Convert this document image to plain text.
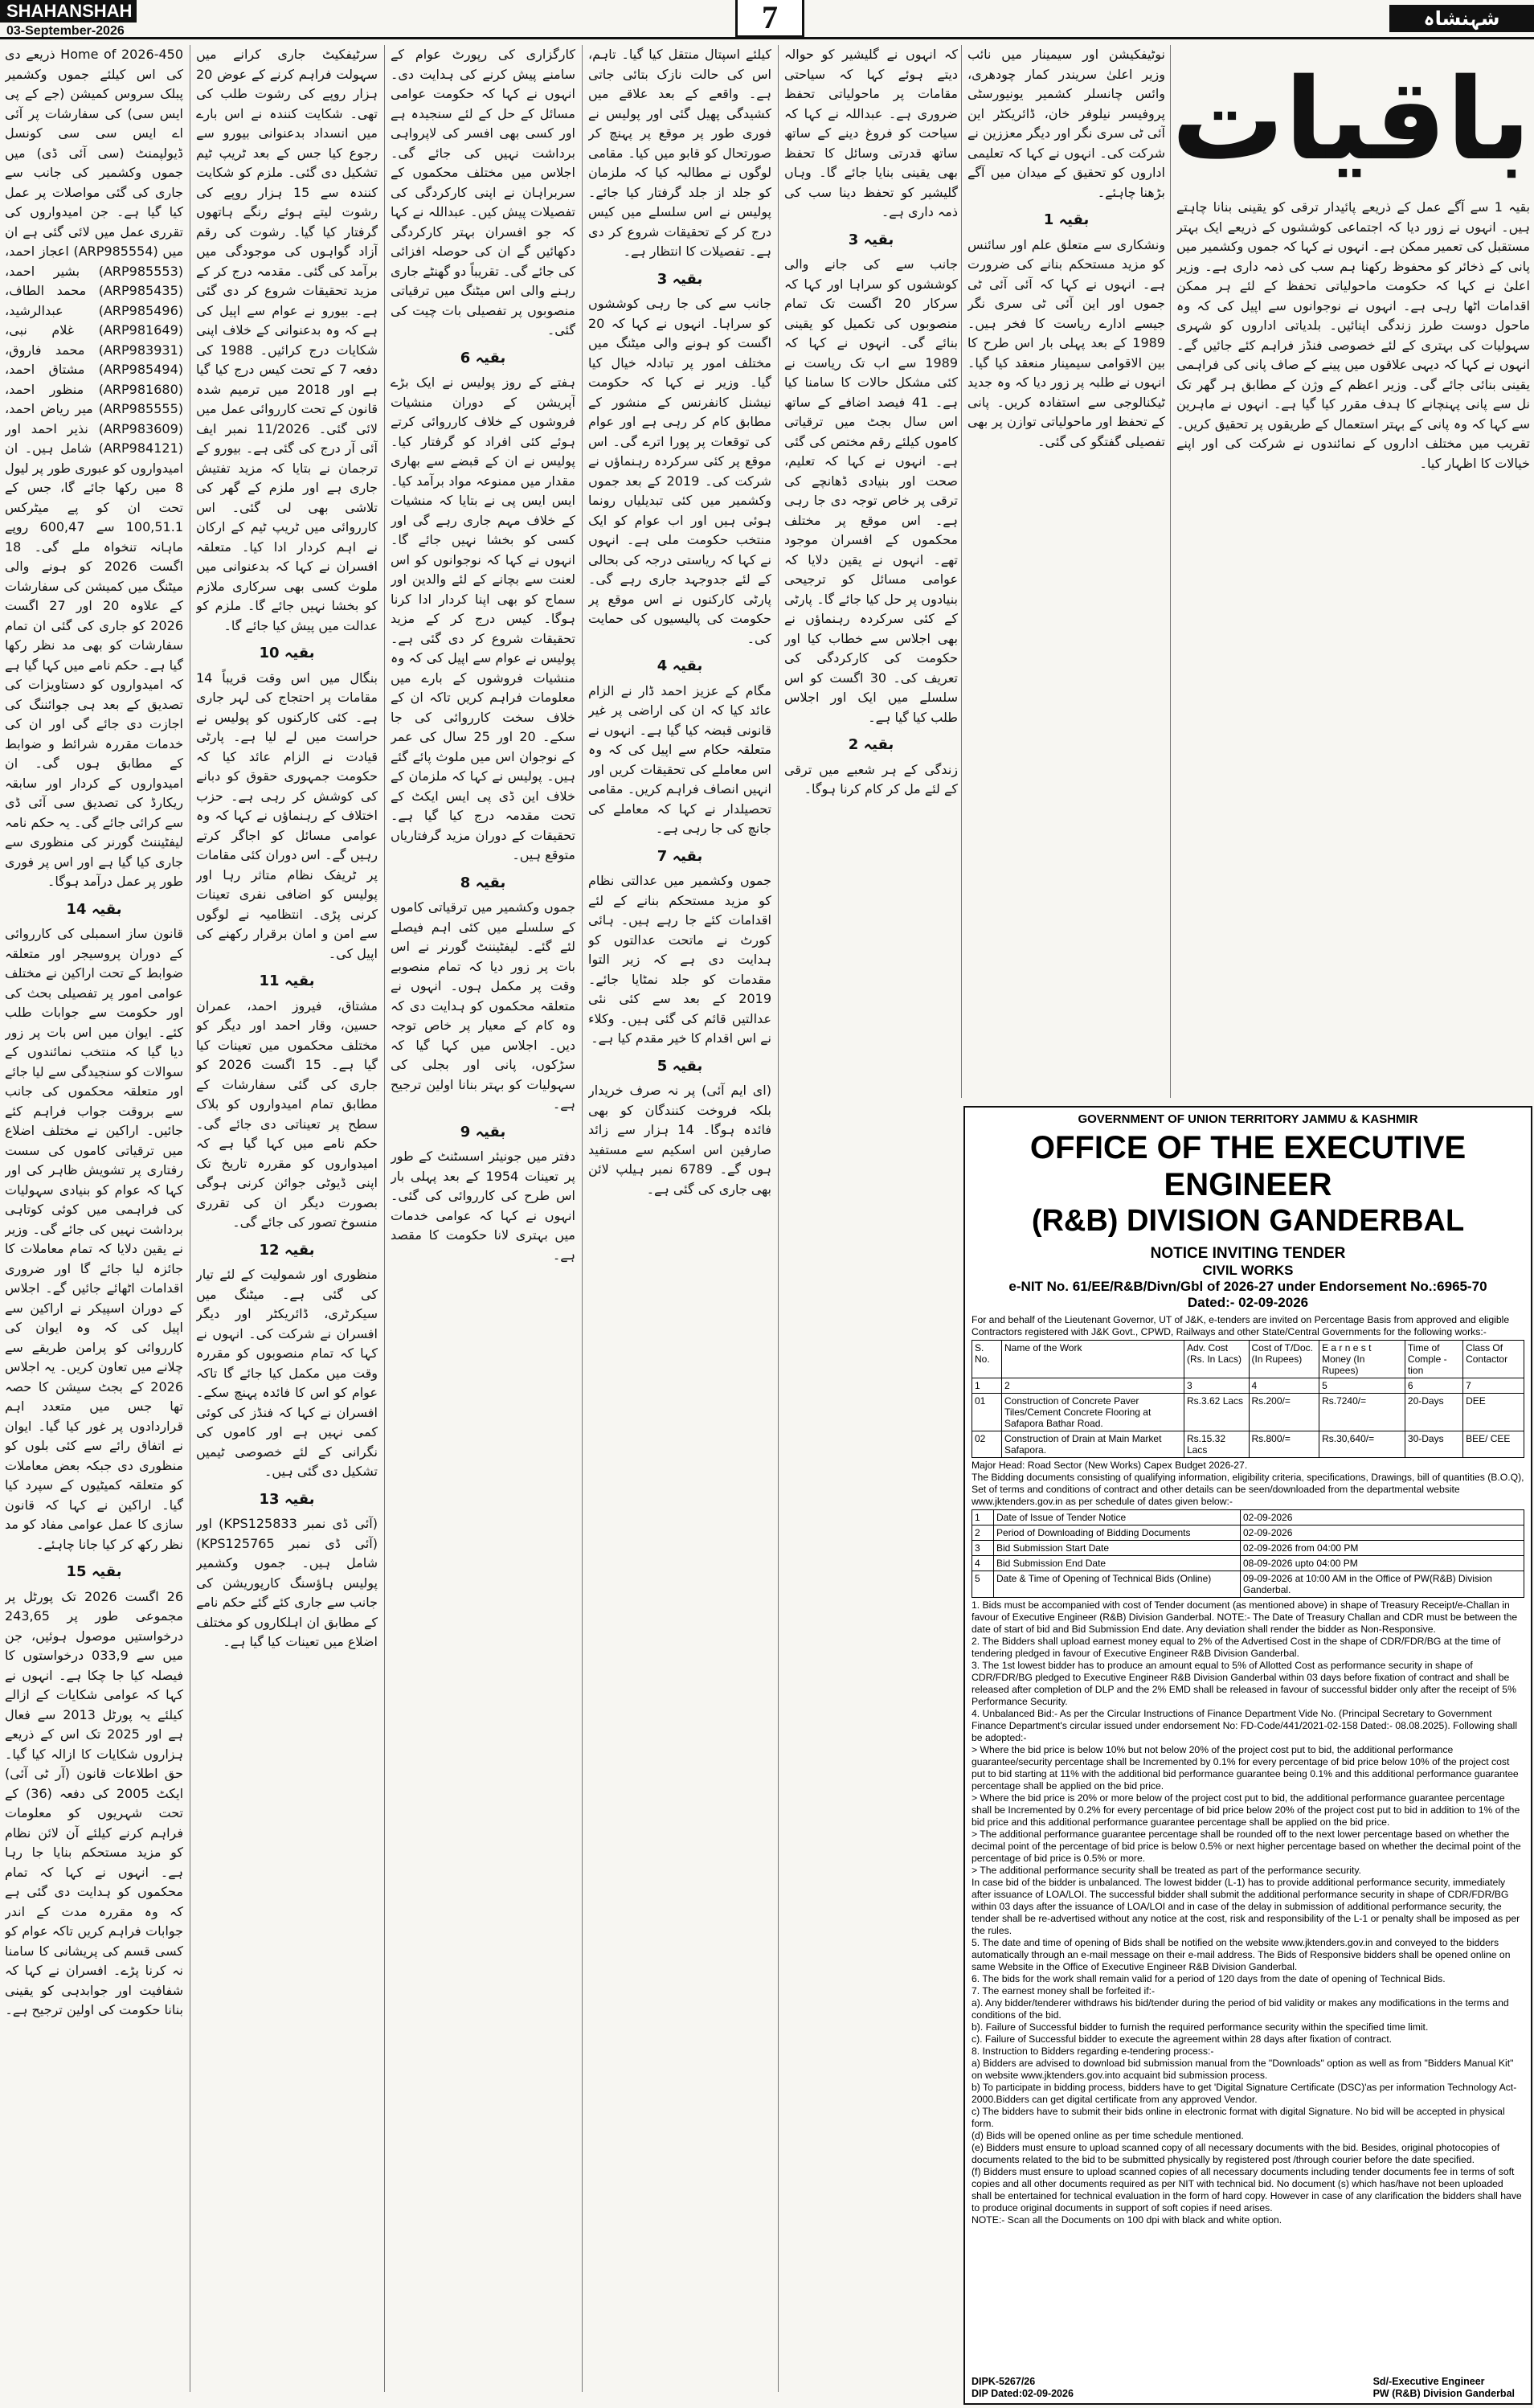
SHAHANSHAH
03-September-2026	7	شہنشاہ
باقیات

Home of 2026-450 ذریعے دی کی اس کیلئے جموں وکشمیر پبلک سروس کمیشن (جے کے پی ایس سی) کی سفارشات پر آئی اے ایس سی سی کونسل ڈیولپمنٹ (سی آئی ڈی) میں جموں وکشمیر کی جانب سے جاری کی گئی مواصلات پر عمل کیا گیا ہے۔ جن امیدواروں کی تقرری عمل میں لائی گئی ہے ان میں (ARP985554) اعجاز احمد، (ARP985553) بشیر احمد، (ARP985435) محمد الطاف، (ARP985496) عبدالرشید، (ARP981649) غلام نبی، (ARP983931) محمد فاروق، (ARP985494) مشتاق احمد، (ARP981680) منظور احمد، (ARP985555) میر ریاض احمد، (ARP983609) نذیر احمد اور (ARP984121) شامل ہیں۔ ان امیدواروں کو عبوری طور پر لیول 8 میں رکھا جائے گا، جس کے تحت ان کو پے میٹرکس 100,51.1 سے 600,47 روپے ماہانہ تنخواہ ملے گی۔ 18 اگست 2026 کو ہونے والی میٹنگ میں کمیشن کی سفارشات کے علاوہ 20 اور 27 اگست 2026 کو جاری کی گئی ان تمام سفارشات کو بھی مد نظر رکھا گیا ہے۔ حکم نامے میں کہا گیا ہے کہ امیدواروں کو دستاویزات کی تصدیق کے بعد ہی جوائننگ کی اجازت دی جائے گی اور ان کی خدمات مقررہ شرائط و ضوابط کے مطابق ہوں گی۔ ان امیدواروں کے کردار اور سابقہ ریکارڈ کی تصدیق سی آئی ڈی سے کرائی جائے گی۔ یہ حکم نامہ لیفٹیننٹ گورنر کی منظوری سے جاری کیا گیا ہے اور اس پر فوری طور پر عمل درآمد ہوگا۔

بقیہ 14

قانون ساز اسمبلی کی کارروائی کے دوران پروسیجر اور متعلقہ ضوابط کے تحت اراکین نے مختلف عوامی امور پر تفصیلی بحث کی اور حکومت سے جوابات طلب کئے۔ ایوان میں اس بات پر زور دیا گیا کہ منتخب نمائندوں کے سوالات کو سنجیدگی سے لیا جائے اور متعلقہ محکموں کی جانب سے بروقت جواب فراہم کئے جائیں۔ اراکین نے مختلف اضلاع میں ترقیاتی کاموں کی سست رفتاری پر تشویش ظاہر کی اور کہا کہ عوام کو بنیادی سہولیات کی فراہمی میں کوئی کوتاہی برداشت نہیں کی جائے گی۔ وزیر نے یقین دلایا کہ تمام معاملات کا جائزہ لیا جائے گا اور ضروری اقدامات اٹھائے جائیں گے۔ اجلاس کے دوران اسپیکر نے اراکین سے اپیل کی کہ وہ ایوان کی کارروائی کو پرامن طریقے سے چلانے میں تعاون کریں۔ یہ اجلاس 2026 کے بجٹ سیشن کا حصہ تھا جس میں متعدد اہم قراردادوں پر غور کیا گیا۔ ایوان نے اتفاق رائے سے کئی بلوں کو منظوری دی جبکہ بعض معاملات کو متعلقہ کمیٹیوں کے سپرد کیا گیا۔ اراکین نے کہا کہ قانون سازی کا عمل عوامی مفاد کو مد نظر رکھ کر کیا جانا چاہئے۔

بقیہ 15

26 اگست 2026 تک پورٹل پر مجموعی طور پر 243,65 درخواستیں موصول ہوئیں، جن میں سے 033,9 درخواستوں کا فیصلہ کیا جا چکا ہے۔ انہوں نے کہا کہ عوامی شکایات کے ازالے کیلئے یہ پورٹل 2013 سے فعال ہے اور 2025 تک اس کے ذریعے ہزاروں شکایات کا ازالہ کیا گیا۔ حق اطلاعات قانون (آر ٹی آئی) ایکٹ 2005 کی دفعہ (36) کے تحت شہریوں کو معلومات فراہم کرنے کیلئے آن لائن نظام کو مزید مستحکم بنایا جا رہا ہے۔ انہوں نے کہا کہ تمام محکموں کو ہدایت دی گئی ہے کہ وہ مقررہ مدت کے اندر جوابات فراہم کریں تاکہ عوام کو کسی قسم کی پریشانی کا سامنا نہ کرنا پڑے۔ افسران نے کہا کہ شفافیت اور جوابدہی کو یقینی بنانا حکومت کی اولین ترجیح ہے۔

سرٹیفکیٹ جاری کرانے میں سہولت فراہم کرنے کے عوض 20 ہزار روپے کی رشوت طلب کی تھی۔ شکایت کنندہ نے اس بارے میں انسداد بدعنوانی بیورو سے رجوع کیا جس کے بعد ٹریپ ٹیم تشکیل دی گئی۔ ملزم کو شکایت کنندہ سے 15 ہزار روپے کی رشوت لیتے ہوئے رنگے ہاتھوں گرفتار کیا گیا۔ رشوت کی رقم آزاد گواہوں کی موجودگی میں برآمد کی گئی۔ مقدمہ درج کر کے مزید تحقیقات شروع کر دی گئی ہے۔ بیورو نے عوام سے اپیل کی ہے کہ وہ بدعنوانی کے خلاف اپنی شکایات درج کرائیں۔ 1988 کی دفعہ 7 کے تحت کیس درج کیا گیا ہے اور 2018 میں ترمیم شدہ قانون کے تحت کارروائی عمل میں لائی گئی۔ 11/2026 نمبر ایف آئی آر درج کی گئی ہے۔ بیورو کے ترجمان نے بتایا کہ مزید تفتیش جاری ہے اور ملزم کے گھر کی تلاشی بھی لی گئی۔ اس کارروائی میں ٹریپ ٹیم کے ارکان نے اہم کردار ادا کیا۔ متعلقہ افسران نے کہا کہ بدعنوانی میں ملوث کسی بھی سرکاری ملازم کو بخشا نہیں جائے گا۔ ملزم کو عدالت میں پیش کیا جائے گا۔

بقیہ 10

بنگال میں اس وقت قریباً 14 مقامات پر احتجاج کی لہر جاری ہے۔ کئی کارکنوں کو پولیس نے حراست میں لے لیا ہے۔ پارٹی قیادت نے الزام عائد کیا کہ حکومت جمہوری حقوق کو دبانے کی کوشش کر رہی ہے۔ حزب اختلاف کے رہنماؤں نے کہا کہ وہ عوامی مسائل کو اجاگر کرتے رہیں گے۔ اس دوران کئی مقامات پر ٹریفک نظام متاثر رہا اور پولیس کو اضافی نفری تعینات کرنی پڑی۔ انتظامیہ نے لوگوں سے امن و امان برقرار رکھنے کی اپیل کی۔

بقیہ 11

مشتاق، فیروز احمد، عمران حسین، وقار احمد اور دیگر کو مختلف محکموں میں تعینات کیا گیا ہے۔ 15 اگست 2026 کو جاری کی گئی سفارشات کے مطابق تمام امیدواروں کو بلاک سطح پر تعیناتی دی جائے گی۔ حکم نامے میں کہا گیا ہے کہ امیدواروں کو مقررہ تاریخ تک اپنی ڈیوٹی جوائن کرنی ہوگی بصورت دیگر ان کی تقرری منسوخ تصور کی جائے گی۔

بقیہ 12

منظوری اور شمولیت کے لئے تیار کی گئی ہے۔ میٹنگ میں سیکرٹری، ڈائریکٹر اور دیگر افسران نے شرکت کی۔ انہوں نے کہا کہ تمام منصوبوں کو مقررہ وقت میں مکمل کیا جائے گا تاکہ عوام کو اس کا فائدہ پہنچ سکے۔ افسران نے کہا کہ فنڈز کی کوئی کمی نہیں ہے اور کاموں کی نگرانی کے لئے خصوصی ٹیمیں تشکیل دی گئی ہیں۔

بقیہ 13

(آئی ڈی نمبر KPS125833) اور (آئی ڈی نمبر KPS125765) شامل ہیں۔ جموں وکشمیر پولیس ہاؤسنگ کارپوریشن کی جانب سے جاری کئے گئے حکم نامے کے مطابق ان اہلکاروں کو مختلف اضلاع میں تعینات کیا گیا ہے۔

کارگزاری کی رپورٹ عوام کے سامنے پیش کرنے کی ہدایت دی۔ انہوں نے کہا کہ حکومت عوامی مسائل کے حل کے لئے سنجیدہ ہے اور کسی بھی افسر کی لاپرواہی برداشت نہیں کی جائے گی۔ اجلاس میں مختلف محکموں کے سربراہان نے اپنی کارکردگی کی تفصیلات پیش کیں۔ عبداللہ نے کہا کہ جو افسران بہتر کارکردگی دکھائیں گے ان کی حوصلہ افزائی کی جائے گی۔ تقریباً دو گھنٹے جاری رہنے والی اس میٹنگ میں ترقیاتی منصوبوں پر تفصیلی بات چیت کی گئی۔

بقیہ 6

ہفتے کے روز پولیس نے ایک بڑے آپریشن کے دوران منشیات فروشوں کے خلاف کارروائی کرتے ہوئے کئی افراد کو گرفتار کیا۔ پولیس نے ان کے قبضے سے بھاری مقدار میں ممنوعہ مواد برآمد کیا۔ ایس ایس پی نے بتایا کہ منشیات کے خلاف مہم جاری رہے گی اور کسی کو بخشا نہیں جائے گا۔ انہوں نے کہا کہ نوجوانوں کو اس لعنت سے بچانے کے لئے والدین اور سماج کو بھی اپنا کردار ادا کرنا ہوگا۔ کیس درج کر کے مزید تحقیقات شروع کر دی گئی ہے۔ پولیس نے عوام سے اپیل کی کہ وہ منشیات فروشوں کے بارے میں معلومات فراہم کریں تاکہ ان کے خلاف سخت کارروائی کی جا سکے۔ 20 اور 25 سال کی عمر کے نوجوان اس میں ملوث پائے گئے ہیں۔ پولیس نے کہا کہ ملزمان کے خلاف این ڈی پی ایس ایکٹ کے تحت مقدمہ درج کیا گیا ہے۔ تحقیقات کے دوران مزید گرفتاریاں متوقع ہیں۔

بقیہ 8

جموں وکشمیر میں ترقیاتی کاموں کے سلسلے میں کئی اہم فیصلے لئے گئے۔ لیفٹیننٹ گورنر نے اس بات پر زور دیا کہ تمام منصوبے وقت پر مکمل ہوں۔ انہوں نے متعلقہ محکموں کو ہدایت دی کہ وہ کام کے معیار پر خاص توجہ دیں۔ اجلاس میں کہا گیا کہ سڑکوں، پانی اور بجلی کی سہولیات کو بہتر بنانا اولین ترجیح ہے۔

بقیہ 9

دفتر میں جونیئر اسسٹنٹ کے طور پر تعینات 1954 کے بعد پہلی بار اس طرح کی کارروائی کی گئی۔ انہوں نے کہا کہ عوامی خدمات میں بہتری لانا حکومت کا مقصد ہے۔

کیلئے اسپتال منتقل کیا گیا۔ تاہم، اس کی حالت نازک بتائی جاتی ہے۔ واقعے کے بعد علاقے میں کشیدگی پھیل گئی اور پولیس نے فوری طور پر موقع پر پہنچ کر صورتحال کو قابو میں کیا۔ مقامی لوگوں نے مطالبہ کیا کہ ملزمان کو جلد از جلد گرفتار کیا جائے۔ پولیس نے اس سلسلے میں کیس درج کر کے تحقیقات شروع کر دی ہے۔ تفصیلات کا انتظار ہے۔

بقیہ 3

جانب سے کی جا رہی کوششوں کو سراہا۔ انہوں نے کہا کہ 20 اگست کو ہونے والی میٹنگ میں مختلف امور پر تبادلہ خیال کیا گیا۔ وزیر نے کہا کہ حکومت نیشنل کانفرنس کے منشور کے مطابق کام کر رہی ہے اور عوام کی توقعات پر پورا اترے گی۔ اس موقع پر کئی سرکردہ رہنماؤں نے شرکت کی۔ 2019 کے بعد جموں وکشمیر میں کئی تبدیلیاں رونما ہوئی ہیں اور اب عوام کو ایک منتخب حکومت ملی ہے۔ انہوں نے کہا کہ ریاستی درجہ کی بحالی کے لئے جدوجہد جاری رہے گی۔ پارٹی کارکنوں نے اس موقع پر حکومت کی پالیسیوں کی حمایت کی۔

بقیہ 4

مگام کے عزیز احمد ڈار نے الزام عائد کیا کہ ان کی اراضی پر غیر قانونی قبضہ کیا گیا ہے۔ انہوں نے متعلقہ حکام سے اپیل کی کہ وہ اس معاملے کی تحقیقات کریں اور انہیں انصاف فراہم کریں۔ مقامی تحصیلدار نے کہا کہ معاملے کی جانچ کی جا رہی ہے۔

بقیہ 7

جموں وکشمیر میں عدالتی نظام کو مزید مستحکم بنانے کے لئے اقدامات کئے جا رہے ہیں۔ ہائی کورٹ نے ماتحت عدالتوں کو ہدایت دی ہے کہ زیر التوا مقدمات کو جلد نمٹایا جائے۔ 2019 کے بعد سے کئی نئی عدالتیں قائم کی گئی ہیں۔ وکلاء نے اس اقدام کا خیر مقدم کیا ہے۔

بقیہ 5

(ای ایم آئی) پر نہ صرف خریدار بلکہ فروخت کنندگان کو بھی فائدہ ہوگا۔ 14 ہزار سے زائد صارفین اس اسکیم سے مستفید ہوں گے۔ 6789 نمبر ہیلپ لائن بھی جاری کی گئی ہے۔

کہ انہوں نے گلیشیر کو حوالہ دیتے ہوئے کہا کہ سیاحتی مقامات پر ماحولیاتی تحفظ ضروری ہے۔ عبداللہ نے کہا کہ سیاحت کو فروغ دینے کے ساتھ ساتھ قدرتی وسائل کا تحفظ بھی یقینی بنایا جائے گا۔ وہاں گلیشیر کو تحفظ دینا سب کی ذمہ داری ہے۔

بقیہ 3

جانب سے کی جانے والی کوششوں کو سراہا اور کہا کہ سرکار 20 اگست تک تمام منصوبوں کی تکمیل کو یقینی بنائے گی۔ انہوں نے کہا کہ 1989 سے اب تک ریاست نے کئی مشکل حالات کا سامنا کیا ہے۔ 41 فیصد اضافے کے ساتھ اس سال بجٹ میں ترقیاتی کاموں کیلئے رقم مختص کی گئی ہے۔ انہوں نے کہا کہ تعلیم، صحت اور بنیادی ڈھانچے کی ترقی پر خاص توجہ دی جا رہی ہے۔ اس موقع پر مختلف محکموں کے افسران موجود تھے۔ انہوں نے یقین دلایا کہ عوامی مسائل کو ترجیحی بنیادوں پر حل کیا جائے گا۔ پارٹی کے کئی سرکردہ رہنماؤں نے بھی اجلاس سے خطاب کیا اور حکومت کی کارکردگی کی تعریف کی۔ 30 اگست کو اس سلسلے میں ایک اور اجلاس طلب کیا گیا ہے۔

بقیہ 2

زندگی کے ہر شعبے میں ترقی کے لئے مل کر کام کرنا ہوگا۔

نوٹیفکیشن اور سیمینار میں نائب وزیر اعلیٰ سریندر کمار چودھری، وائس چانسلر کشمیر یونیورسٹی پروفیسر نیلوفر خان، ڈائریکٹر این آئی ٹی سری نگر اور دیگر معززین نے شرکت کی۔ انہوں نے کہا کہ تعلیمی اداروں کو تحقیق کے میدان میں آگے بڑھنا چاہئے۔

بقیہ 1

ونشکاری سے متعلق علم اور سائنس کو مزید مستحکم بنانے کی ضرورت ہے۔ انہوں نے کہا کہ آئی آئی ٹی جموں اور این آئی ٹی سری نگر جیسے ادارے ریاست کا فخر ہیں۔ 1989 کے بعد پہلی بار اس طرح کا بین الاقوامی سیمینار منعقد کیا گیا۔ انہوں نے طلبہ پر زور دیا کہ وہ جدید ٹیکنالوجی سے استفادہ کریں۔ پانی کے تحفظ اور ماحولیاتی توازن پر بھی تفصیلی گفتگو کی گئی۔

بقیہ 1 سے آگے عمل کے ذریعے پائیدار ترقی کو یقینی بنانا چاہتے ہیں۔ انہوں نے زور دیا کہ اجتماعی کوششوں کے ذریعے ایک بہتر مستقبل کی تعمیر ممکن ہے۔ انہوں نے کہا کہ جموں وکشمیر میں پانی کے ذخائر کو محفوظ رکھنا ہم سب کی ذمہ داری ہے۔ وزیر اعلیٰ نے کہا کہ حکومت ماحولیاتی تحفظ کے لئے ہر ممکن اقدامات اٹھا رہی ہے۔ انہوں نے نوجوانوں سے اپیل کی کہ وہ ماحول دوست طرز زندگی اپنائیں۔ بلدیاتی اداروں کو شہری سہولیات کی بہتری کے لئے خصوصی فنڈز فراہم کئے جائیں گے۔ انہوں نے کہا کہ دیہی علاقوں میں پینے کے صاف پانی کی فراہمی یقینی بنائی جائے گی۔ وزیر اعظم کے وژن کے مطابق ہر گھر تک نل سے پانی پہنچانے کا ہدف مقرر کیا گیا ہے۔ انہوں نے ماہرین سے کہا کہ وہ پانی کے بہتر استعمال کے طریقوں پر تحقیق کریں۔ تقریب میں مختلف اداروں کے نمائندوں نے شرکت کی اور اپنے خیالات کا اظہار کیا۔

GOVERNMENT OF UNION TERRITORY JAMMU & KASHMIR
OFFICE OF THE EXECUTIVE ENGINEER
(R&B) DIVISION GANDERBAL
NOTICE INVITING TENDER
CIVIL WORKS
e-NIT No. 61/EE/R&B/Divn/Gbl of 2026-27 under Endorsement No.:6965-70
Dated:- 02-09-2026
For and behalf of the Lieutenant Governor, UT of J&K, e-tenders are invited on Percentage Basis from approved and eligible Contractors registered with J&K Govt., CPWD, Railways and other State/Central Governments for the following works:-
S. No.	Name of the Work	Adv. Cost (Rs. In Lacs)	Cost of T/Doc. (In Rupees)	E a r n e s t Money (In Rupees)	Time of Comple -tion	Class Of Contactor
1	2	3	4	5	6	7
01	Construction of Concrete Paver Tiles/Cement Concrete Flooring at Safapora Bathar Road.	Rs.3.62 Lacs	Rs.200/=	Rs.7240/=	20-Days	DEE
02	Construction of Drain at Main Market Safapora.	Rs.15.32 Lacs	Rs.800/=	Rs.30,640/=	30-Days	BEE/ CEE
Major Head: Road Sector (New Works) Capex Budget 2026-27.
The Bidding documents consisting of qualifying information, eligibility criteria, specifications, Drawings, bill of quantities (B.O.Q), Set of terms and conditions of contract and other details can be seen/downloaded from the departmental website www.jktenders.gov.in as per schedule of dates given below:-
1	Date of Issue of Tender Notice	02-09-2026
2	Period of Downloading of Bidding Documents	02-09-2026
3	Bid Submission Start Date	02-09-2026 from 04:00 PM
4	Bid Submission End Date	08-09-2026 upto 04:00 PM
5	Date & Time of Opening of Technical Bids (Online)	09-09-2026 at 10:00 AM in the Office of PW(R&B) Division Ganderbal.
1. Bids must be accompanied with cost of Tender document (as mentioned above) in shape of Treasury Receipt/e-Challan in favour of Executive Engineer (R&B) Division Ganderbal. NOTE:- The Date of Treasury Challan and CDR must be between the date of start of bid and Bid Submission End date. Any deviation shall render the bidder as Non-Responsive.
2. The Bidders shall upload earnest money equal to 2% of the Advertised Cost in the shape of CDR/FDR/BG at the time of tendering pledged in favour of Executive Engineer R&B Division Ganderbal.
3. The 1st lowest bidder has to produce an amount equal to 5% of Allotted Cost as performance security in shape of CDR/FDR/BG pledged to Executive Engineer R&B Division Ganderbal within 03 days before fixation of contract and shall be released after completion of DLP and the 2% EMD shall be released in favour of successful bidder only after the receipt of 5% Performance Security.
4. Unbalanced Bid:- As per the Circular Instructions of Finance Department Vide No. (Principal Secretary to Government Finance Department's circular issued under endorsement No: FD-Code/441/2021-02-158 Dated:- 08.08.2025). Following shall be adopted:-
> Where the bid price is below 10% but not below 20% of the project cost put to bid, the additional performance guarantee/security percentage shall be Incremented by 0.1% for every percentage of bid price below 10% of the project cost put to bid starting at 11% with the additional bid performance guarantee being 0.1% and this additional performance guarantee percentage shall be applied on the bid price.
> Where the bid price is 20% or more below of the project cost put to bid, the additional performance guarantee percentage shall be Incremented by 0.2% for every percentage of bid price below 20% of the project cost put to bid in addition to 1% of the bid price and this additional performance guarantee percentage shall be applied on the bid price.
> The additional performance guarantee percentage shall be rounded off to the next lower percentage based on whether the decimal point of the percentage of bid price is below 0.5% or next higher percentage based on whether the decimal point of the percentage of bid price is 0.5% or more.
> The additional performance security shall be treated as part of the performance security.
In case bid of the bidder is unbalanced. The lowest bidder (L-1) has to provide additional performance security, immediately after issuance of LOA/LOI. The successful bidder shall submit the additional performance security in shape of CDR/FDR/BG within 03 days after the issuance of LOA/LOI and in case of the delay in submission of additional performance security, the tender shall be re-advertised without any notice at the cost, risk and responsibility of the L-1 or penalty shall be imposed as per the rules.
5. The date and time of opening of Bids shall be notified on the website www.jktenders.gov.in and conveyed to the bidders automatically through an e-mail message on their e-mail address. The Bids of Responsive bidders shall be opened online on same Website in the Office of Executive Engineer R&B Division Ganderbal.
6. The bids for the work shall remain valid for a period of 120 days from the date of opening of Technical Bids.
7. The earnest money shall be forfeited if:-
a). Any bidder/tenderer withdraws his bid/tender during the period of bid validity or makes any modifications in the terms and conditions of the bid.
b). Failure of Successful bidder to furnish the required performance security within the specified time limit.
c). Failure of Successful bidder to execute the agreement within 28 days after fixation of contract.
8. Instruction to Bidders regarding e-tendering process:-
a) Bidders are advised to download bid submission manual from the "Downloads" option as well as from "Bidders Manual Kit" on website www.jktenders.gov.into acquaint bid submission process.
b) To participate in bidding process, bidders have to get 'Digital Signature Certificate (DSC)'as per information Technology Act-2000.Bidders can get digital certificate from any approved Vendor.
c) The bidders have to submit their bids online in electronic format with digital Signature. No bid will be accepted in physical form.
(d) Bids will be opened online as per time schedule mentioned.
(e) Bidders must ensure to upload scanned copy of all necessary documents with the bid. Besides, original photocopies of documents related to the bid to be submitted physically by registered post /through courier before the date specified.
(f) Bidders must ensure to upload scanned copies of all necessary documents including tender documents fee in terms of soft copies and all other documents required as per NIT with technical bid. No document (s) which has/have not been uploaded shall be entertained for technical evaluation in the form of hard copy. However in case of any clarification the bidders shall have to produce original documents in support of soft copies if need arises.
NOTE:- Scan all the Documents on 100 dpi with black and white option.
DIPK-5267/26
DIP Dated:02-09-2026
Sd/-Executive Engineer
PW (R&B) Division Ganderbal
